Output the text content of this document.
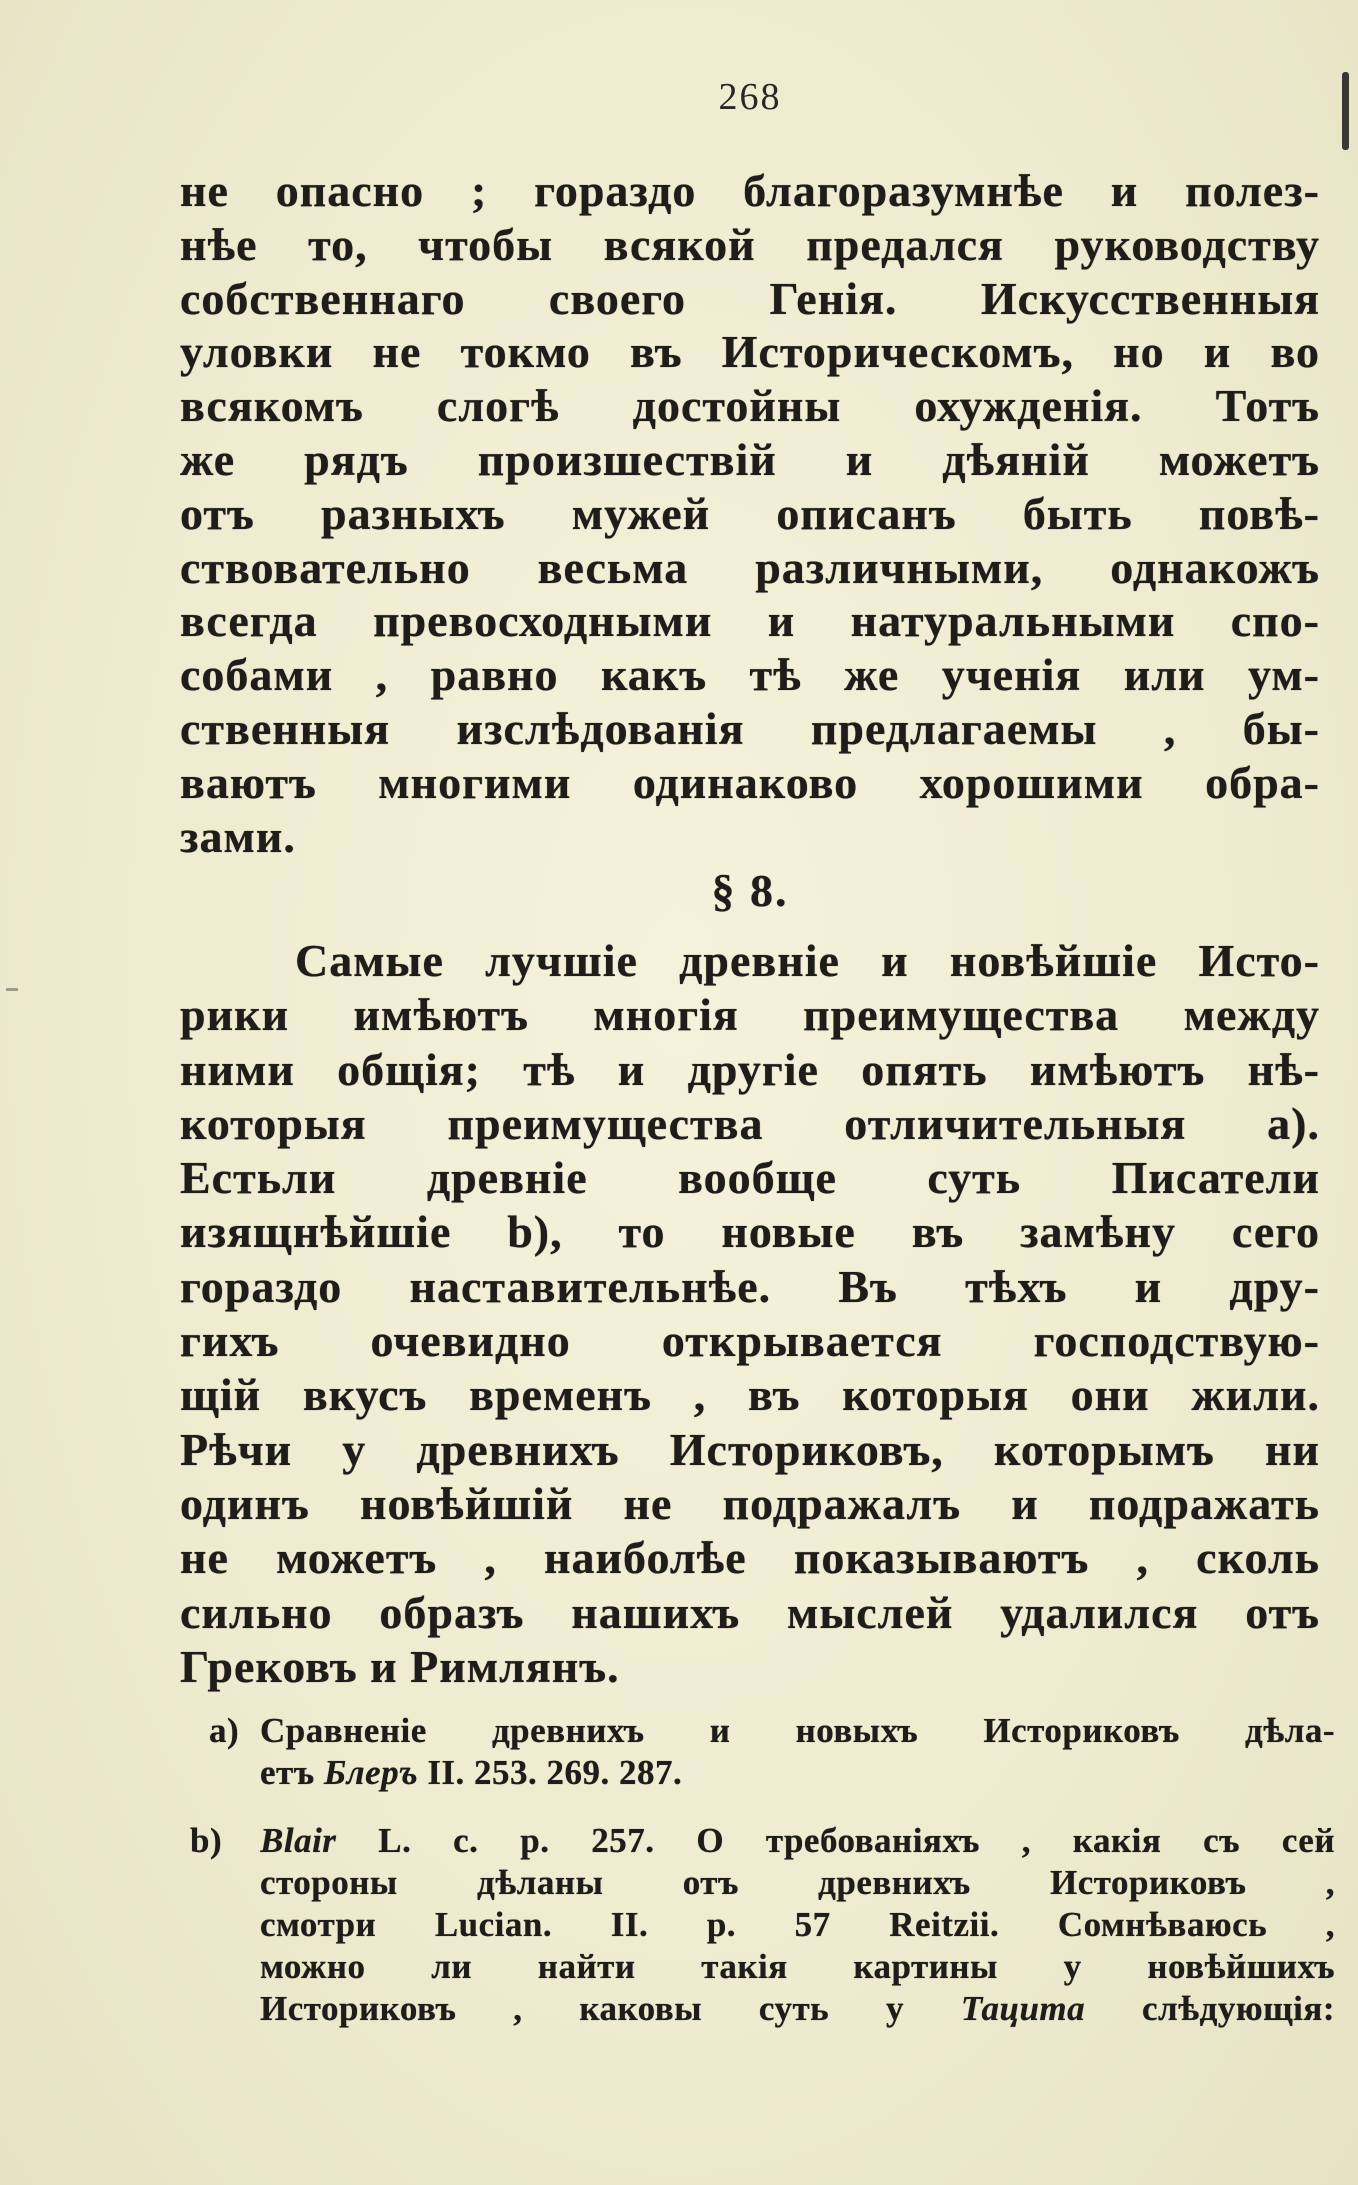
268
не опасно ; гораздо благоразумнѣе и полез-
нѣе то, чтобы всякой предался руководству
собственнаго своего Генія. Искусственныя
уловки не токмо въ Историческомъ, но и во
всякомъ слогѣ достойны охужденія. Тотъ
же рядъ произшествій и дѣяній можетъ
отъ разныхъ мужей описанъ быть повѣ-
ствовательно весьма различными, однакожъ
всегда превосходными и натуральными спо-
собами , равно какъ тѣ же ученія или ум-
ственныя изслѣдованія предлагаемы , бы-
ваютъ многими одинаково хорошими обра-
зами.
§ 8.
Самые лучшіе древніе и новѣйшіе Исто-
рики имѣютъ многія преимущества между
ними общія; тѣ и другіе опять имѣютъ нѣ-
которыя преимущества отличительныя a).
Естьли древніе вообще суть Писатели
изящнѣйшіе b), то новые въ замѣну сего
гораздо наставительнѣе. Въ тѣхъ и дру-
гихъ очевидно открывается господствую-
щій вкусъ временъ , въ которыя они жили.
Рѣчи у древнихъ Историковъ, которымъ ни
одинъ новѣйшій не подражалъ и подражать
не можетъ , наиболѣе показываютъ , сколь
сильно образъ нашихъ мыслей удалился отъ
Грековъ и Римлянъ.
a) Сравненіе древнихъ и новыхъ Историковъ дѣла-
етъ Блеръ II. 253. 269. 287.
b) Blair L. c. p. 257. О требованіяхъ , какія съ сей
стороны дѣланы отъ древнихъ Историковъ ,
смотри Lucian. II. p. 57 Reitzii. Сомнѣваюсь ,
можно ли найти такія картины у новѣйшихъ
Историковъ , каковы суть у Тацита слѣдующія:
